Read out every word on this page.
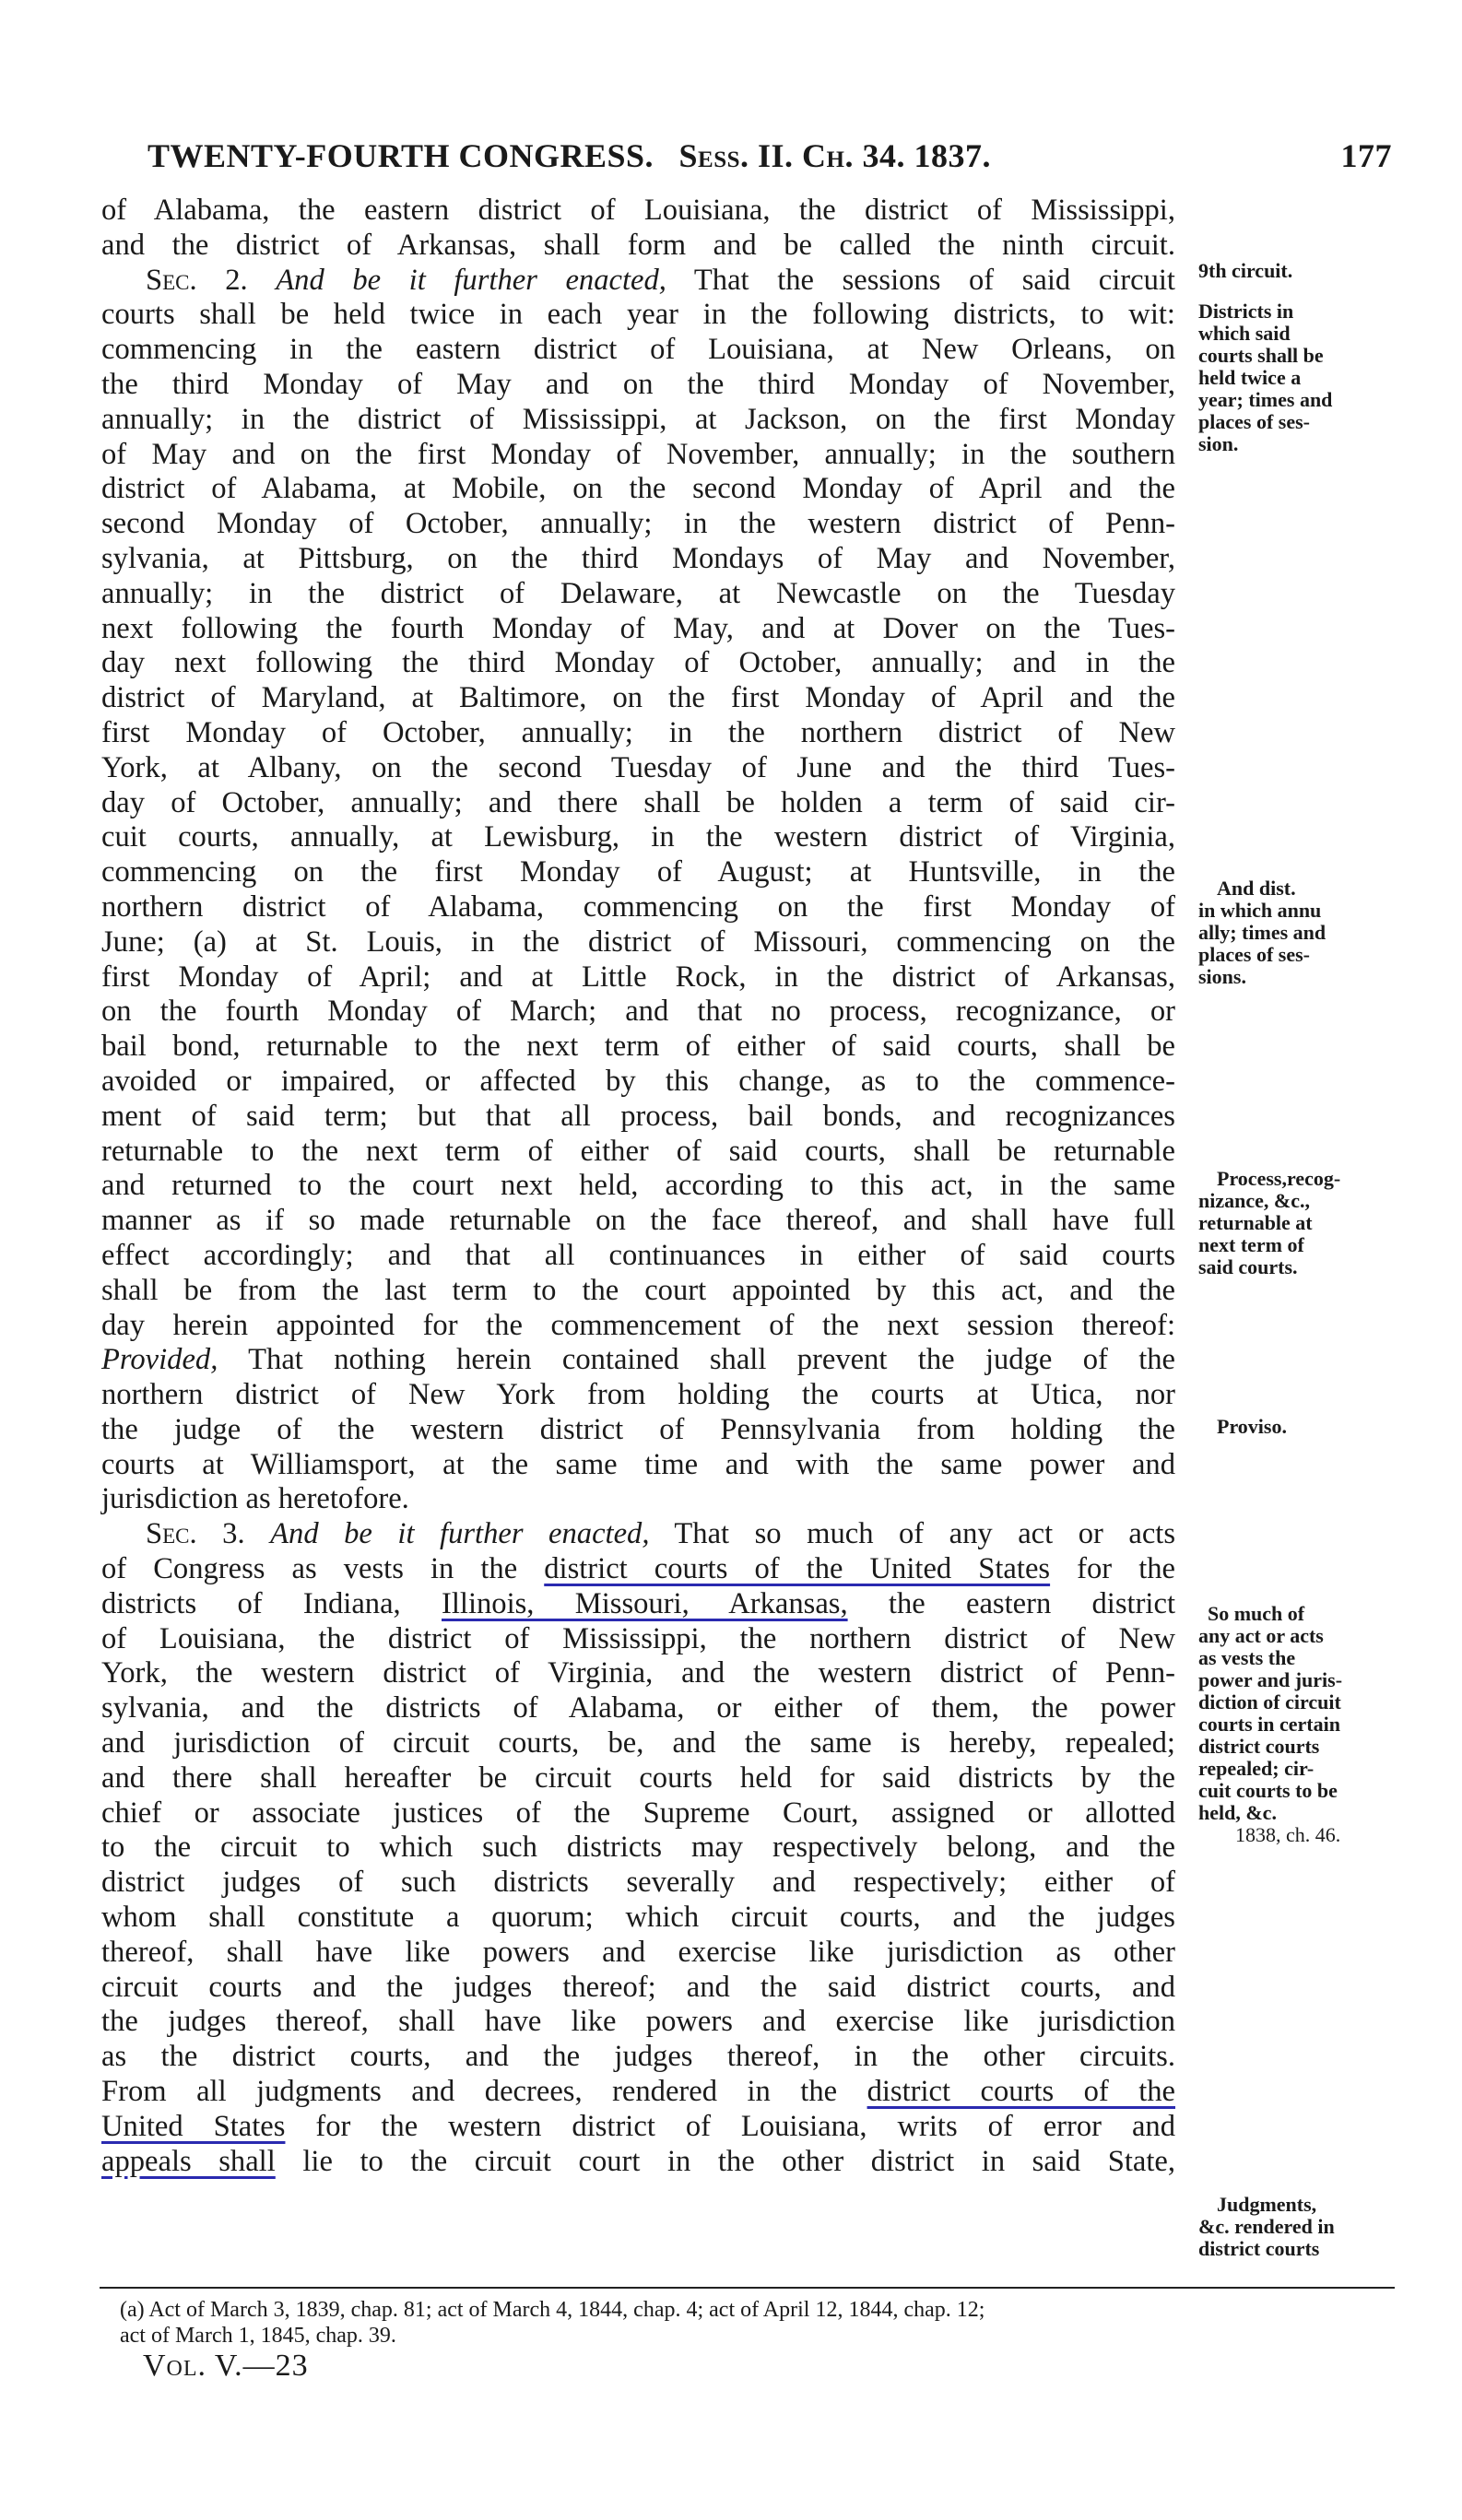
TWENTY-FOURTH CONGRESS. Sess. II. Ch. 34. 1837.	177
of Alabama, the eastern district of Louisiana, the district of Mississippi,
and the district of Arkansas, shall form and be called the ninth circuit.
Sec. 2. And be it further enacted, That the sessions of said circuit
courts shall be held twice in each year in the following districts, to wit:
commencing in the eastern district of Louisiana, at New Orleans, on
the third Monday of May and on the third Monday of November,
annually; in the district of Mississippi, at Jackson, on the first Monday
of May and on the first Monday of November, annually; in the southern
district of Alabama, at Mobile, on the second Monday of April and the
second Monday of October, annually; in the western district of Penn-
sylvania, at Pittsburg, on the third Mondays of May and November,
annually; in the district of Delaware, at Newcastle on the Tuesday
next following the fourth Monday of May, and at Dover on the Tues-
day next following the third Monday of October, annually; and in the
district of Maryland, at Baltimore, on the first Monday of April and the
first Monday of October, annually; in the northern district of New
York, at Albany, on the second Tuesday of June and the third Tues-
day of October, annually; and there shall be holden a term of said cir-
cuit courts, annually, at Lewisburg, in the western district of Virginia,
commencing on the first Monday of August; at Huntsville, in the
northern district of Alabama, commencing on the first Monday of
June; (a) at St. Louis, in the district of Missouri, commencing on the
first Monday of April; and at Little Rock, in the district of Arkansas,
on the fourth Monday of March; and that no process, recognizance, or
bail bond, returnable to the next term of either of said courts, shall be
avoided or impaired, or affected by this change, as to the commence-
ment of said term; but that all process, bail bonds, and recognizances
returnable to the next term of either of said courts, shall be returnable
and returned to the court next held, according to this act, in the same
manner as if so made returnable on the face thereof, and shall have full
effect accordingly; and that all continuances in either of said courts
shall be from the last term to the court appointed by this act, and the
day herein appointed for the commencement of the next session thereof:
Provided, That nothing herein contained shall prevent the judge of the
northern district of New York from holding the courts at Utica, nor
the judge of the western district of Pennsylvania from holding the
courts at Williamsport, at the same time and with the same power and
jurisdiction as heretofore.
Sec. 3. And be it further enacted, That so much of any act or acts
of Congress as vests in the district courts of the United States for the
districts of Indiana, Illinois, Missouri, Arkansas, the eastern district
of Louisiana, the district of Mississippi, the northern district of New
York, the western district of Virginia, and the western district of Penn-
sylvania, and the districts of Alabama, or either of them, the power
and jurisdiction of circuit courts, be, and the same is hereby, repealed;
and there shall hereafter be circuit courts held for said districts by the
chief or associate justices of the Supreme Court, assigned or allotted
to the circuit to which such districts may respectively belong, and the
district judges of such districts severally and respectively; either of
whom shall constitute a quorum; which circuit courts, and the judges
thereof, shall have like powers and exercise like jurisdiction as other
circuit courts and the judges thereof; and the said district courts, and
the judges thereof, shall have like powers and exercise like jurisdiction
as the district courts, and the judges thereof, in the other circuits.
From all judgments and decrees, rendered in the district courts of the
United States for the western district of Louisiana, writs of error and
appeals shall lie to the circuit court in the other district in said State,
9th circuit.
Districts in
which said
courts shall be
held twice a
year; times and
places of ses-
sion.
And dist.
in which annu
ally; times and
places of ses-
sions.
Process,recog-
nizance, &c.,
returnable at
next term of
said courts.
Proviso.
So much of
any act or acts
as vests the
power and juris-
diction of circuit
courts in certain
district courts
repealed; cir-
cuit courts to be
held, &c.
1838, ch. 46.
Judgments,
&c. rendered in
district courts
(a) Act of March 3, 1839, chap. 81; act of March 4, 1844, chap. 4; act of April 12, 1844, chap. 12;
act of March 1, 1845, chap. 39.
Vol. V.—23
